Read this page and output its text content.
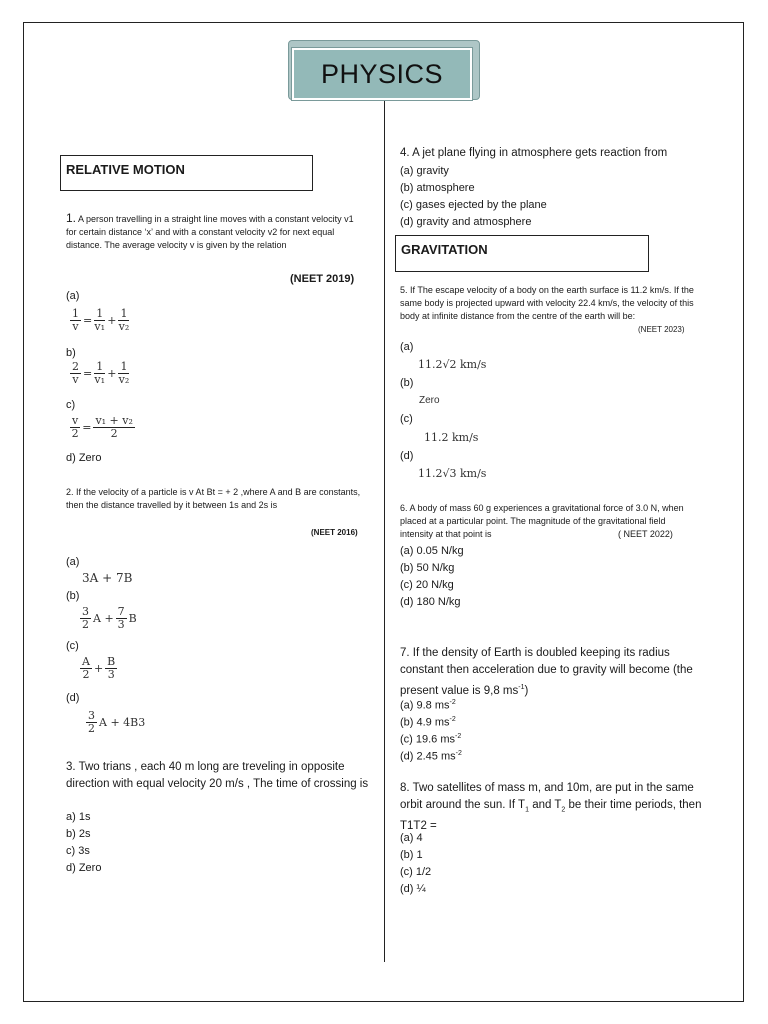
PHYSICS
RELATIVE MOTION
1. A person travelling in a straight line moves with a constant velocity v1 for certain distance ‘x’ and with a constant velocity v2 for next equal distance. The average velocity v is given by the relation
(NEET 2019)
(a)
$\frac{1}{v} = \frac{1}{\text{v₁}} + \frac{1}{\text{v₂}}$
b)
$\frac{2}{v} = \frac{1}{\text{v₁}} + \frac{1}{\text{v₂}}$
c)
$\frac{v}{2} = \frac{\text{v₁ + v₂}}{2}$
d) Zero
2. If the velocity of a particle is v At Bt = + 2 ,where A and B are constants, then the distance travelled by it between 1s and 2s is
(NEET 2016)
(a)
3A + 7B
(b)
$\frac{3}{2}$ $A + \frac{7}{3}$ B
(c)
$\frac{A}{2} + \frac{B}{3}$
(d)
$\frac{3}{2}$ A + 4B3
3. Two trians , each 40 m long are treveling in opposite direction with equal velocity 20 m/s , The time of crossing is
a) 1s
b) 2s
c) 3s
d) Zero
4. A jet plane flying in atmosphere gets reaction from
(a) gravity
(b) atmosphere
(c) gases ejected by the plane
(d) gravity and atmosphere
GRAVITATION
5. If The escape velocity of a body on the earth surface is 11.2 km/s. If the same body is projected upward with velocity 22.4 km/s, the velocity of this body at infinite distance from the centre of the earth will be:
(NEET 2023)
(a)
11.2√2 km/s
(b)
Zero
(c)
11.2 km/s
(d)
11.2√3 km/s
6. A body of mass 60 g experiences a gravitational force of 3.0 N, when placed at a particular point. The magnitude of the gravitational field intensity at that point is	( NEET 2022)
(a) 0.05 N/kg
(b) 50 N/kg
(c) 20 N/kg
(d) 180 N/kg
7. If the density of Earth is doubled keeping its radius constant then acceleration due to gravity will become (the present value is 9,8 $ms^{-1}$)
(a) 9.8 $ms^{-2}$
(b) 4.9 $ms^{-2}$
(c) 19.6 $ms^{-2}$
(d) 2.45 $ms^{-2}$
8. Two satellites of mass m, and 10m, are put in the same orbit around the sun. If $T_1$ and $T_2$ be their time periods, then T1T2 =
(a) 4
(b) 1
(c) 1/2
(d) ¼
